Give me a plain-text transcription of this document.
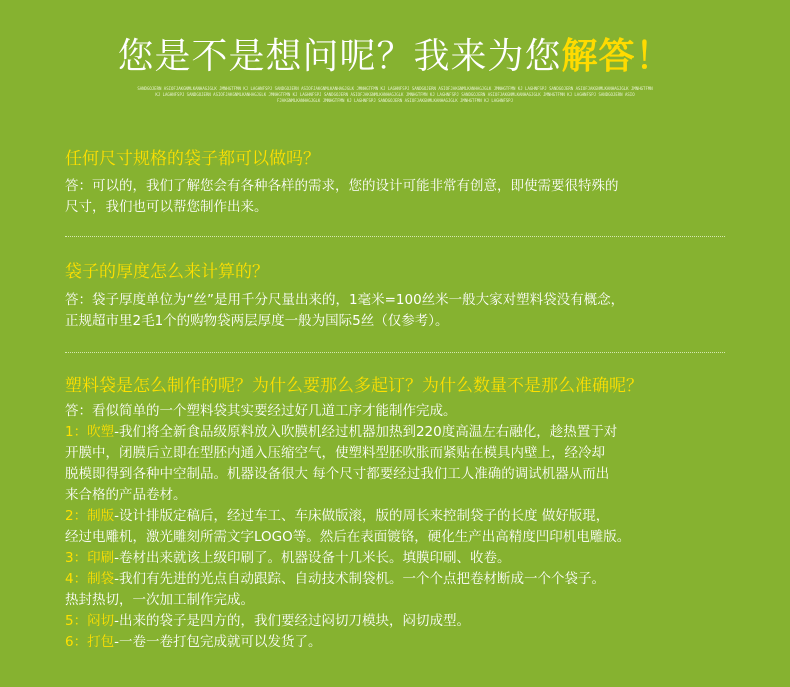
您是不是想问呢？我来为您解答！
SANDGOJERN ASIOFJAKGNMLKANHAGJGLK JMNHGTFMN KJ LAGHNFSPJ SANDGOJERN ASIOFJAKGNMLKANHAGJGLK JMNHGTFMN KJ LAGHNFSPJ SANDGOJERN ASIOFJAKGNMLKANHAGJGLK JMNHGTFMN KJ LAGHNFSPJ SANDGOJERN ASIOFJAKGNMLKANHAGJGLK JMNHGTFMN
KJ LAGHNFSPJ SANDGOJERN ASIOFJAKGNMLKANHAGJGLK JMNHGTFMN KJ LAGHNFSPJ SANDGOJERN ASIOFJAKGNMLKANHAGJGLK JMNHGTFMN KJ LAGHNFSPJ SANDGOJERN ASIOFJAKGNMLKANHAGJGLK JMNHGTFMN KJ LAGHNFSPJ SANDGOJERN ASIO
FJAKGNMLKANHAGJGLK JMNHGTFMN KJ LAGHNFSPJ SANDGOJERN ASIOFJAKGNMLKANHAGJGLK JMNHGTFMN KJ LAGHNFSPJ
任何尺寸规格的袋子都可以做吗？
答：可以的，我们了解您会有各种各样的需求，您的设计可能非常有创意，即使需要很特殊的
尺寸，我们也可以帮您制作出来。
袋子的厚度怎么来计算的？
答：袋子厚度单位为“丝”是用千分尺量出来的，1毫米=100丝米一般大家对塑料袋没有概念，
正规超市里2毛1个的购物袋两层厚度一般为国际5丝（仅参考）。
塑料袋是怎么制作的呢？为什么要那么多起订？为什么数量不是那么准确呢？
答：看似简单的一个塑料袋其实要经过好几道工序才能制作完成。
1：吹塑-我们将全新食品级原料放入吹膜机经过机器加热到220度高温左右融化，趁热置于对
开膜中，闭膜后立即在型胚内通入压缩空气，使塑料型胚吹胀而紧贴在模具内壁上，经冷却
脱模即得到各种中空制品。机器设备很大 每个尺寸都要经过我们工人准确的调试机器从而出
来合格的产品卷材。
2：制版-设计排版定稿后，经过车工、车床做版滚，版的周长来控制袋子的长度 做好版琨，
经过电雕机，激光雕刻所需文字LOGO等。然后在表面镀铬，硬化生产出高精度凹印机电雕版。
3：印刷-卷材出来就该上级印刷了。机器设备十几米长。填膜印刷、收卷。
4：制袋-我们有先进的光点自动跟踪、自动技术制袋机。一个个点把卷材断成一个个袋子。
热封热切，一次加工制作完成。
5：闷切-出来的袋子是四方的，我们要经过闷切刀模块，闷切成型。
6：打包-一卷一卷打包完成就可以发货了。
